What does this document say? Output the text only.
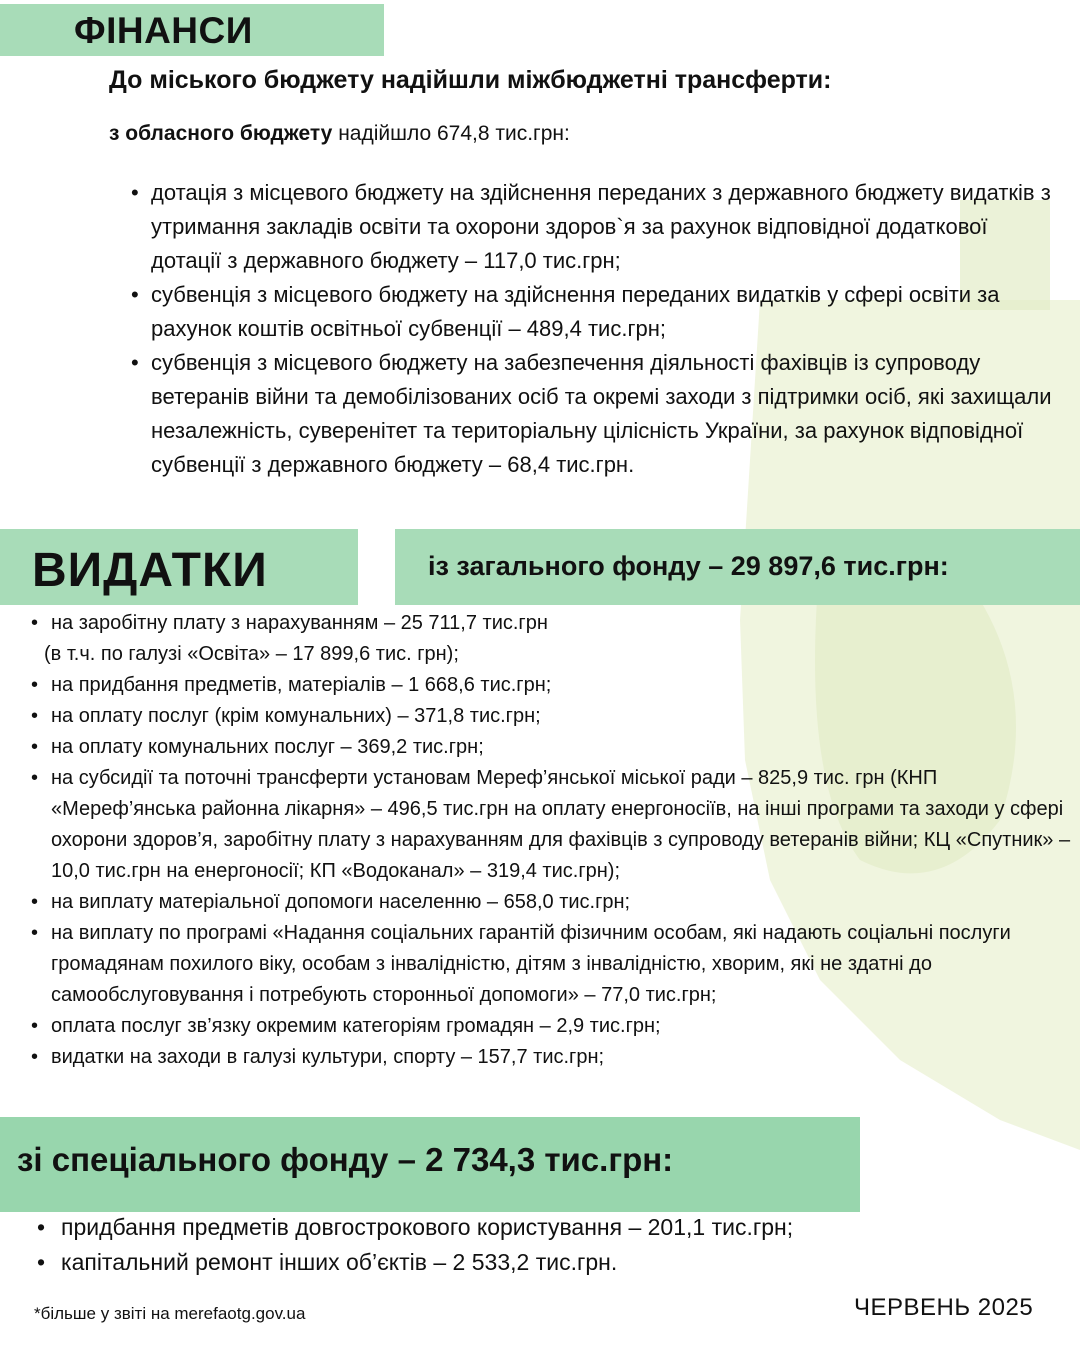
ФІНАНСИ
До міського бюджету надійшли міжбюджетні трансферти:
з обласного бюджету надійшло 674,8 тис.грн:
• дотація з місцевого бюджету на здійснення переданих з державного бюджету видатків з утримання закладів освіти та охорони здоров`я за рахунок відповідної додаткової дотації з державного бюджету – 117,0 тис.грн;
• субвенція з місцевого бюджету на здійснення переданих видатків у сфері освіти за рахунок коштів освітньої субвенції – 489,4 тис.грн;
• субвенція з місцевого бюджету на забезпечення діяльності фахівців із супроводу ветеранів війни та демобілізованих осіб та окремі заходи з підтримки осіб, які захищали незалежність, суверенітет та територіальну цілісність України, за рахунок відповідної субвенції з державного бюджету – 68,4 тис.грн.
ВИДАТКИ	із загального фонду – 29 897,6 тис.грн:
• на заробітну плату з нарахуванням – 25 711,7 тис.грн
(в т.ч. по галузі «Освіта» – 17 899,6 тис. грн);
• на придбання предметів, матеріалів – 1 668,6 тис.грн;
• на оплату послуг (крім комунальних) – 371,8 тис.грн;
• на оплату комунальних послуг – 369,2 тис.грн;
• на субсидії та поточні трансферти установам Мереф’янської міської ради – 825,9 тис. грн (КНП «Мереф’янська районна лікарня» – 496,5 тис.грн на оплату енергоносіїв, на інші програми та заходи у сфері охорони здоров’я, заробітну плату з нарахуванням для фахівців з супроводу ветеранів війни; КЦ «Спутник» –10,0 тис.грн на енергоносії; КП «Водоканал» – 319,4 тис.грн);
• на виплату матеріальної допомоги населенню – 658,0 тис.грн;
• на виплату по програмі «Надання соціальних гарантій фізичним особам, які надають соціальні послуги громадянам похилого віку, особам з інвалідністю, дітям з інвалідністю, хворим, які не здатні до самообслуговування і потребують сторонньої допомоги» – 77,0 тис.грн;
• оплата послуг зв’язку окремим категоріям громадян – 2,9 тис.грн;
• видатки на заходи в галузі культури, спорту – 157,7 тис.грн;
зі спеціального фонду – 2 734,3 тис.грн:
• придбання предметів довгострокового користування – 201,1 тис.грн;
• капітальний ремонт інших об’єктів – 2 533,2 тис.грн.
*більше у звіті на merefaotg.gov.ua	ЧЕРВЕНЬ 2025
